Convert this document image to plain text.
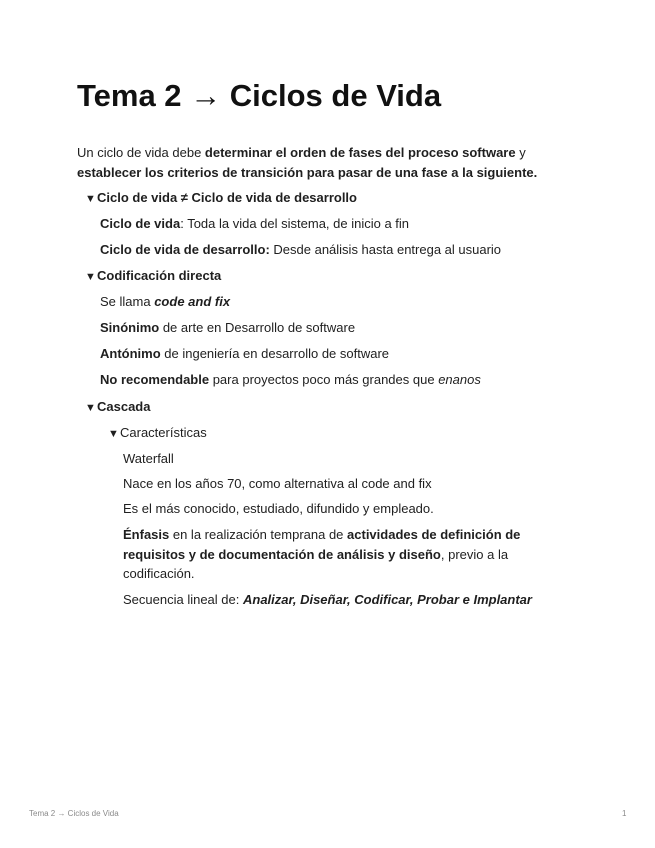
Tema 2 → Ciclos de Vida

Un ciclo de vida debe determinar el orden de fases del proceso software y establecer los criterios de transición para pasar de una fase a la siguiente.

▼Ciclo de vida ≠ Ciclo de vida de desarrollo
Ciclo de vida: Toda la vida del sistema, de inicio a fin
Ciclo de vida de desarrollo: Desde análisis hasta entrega al usuario
▼Codificación directa
Se llama code and fix
Sinónimo de arte en Desarrollo de software
Antónimo de ingeniería en desarrollo de software
No recomendable para proyectos poco más grandes que enanos
▼Cascada
▼Características
Waterfall
Nace en los años 70, como alternativa al code and fix
Es el más conocido, estudiado, difundido y empleado.

Énfasis en la realización temprana de actividades de definición de requisitos y de documentación de análisis y diseño, previo a la codificación.

Secuencia lineal de: Analizar, Diseñar, Codificar, Probar e Implantar
Tema 2 → Ciclos de Vida	1
